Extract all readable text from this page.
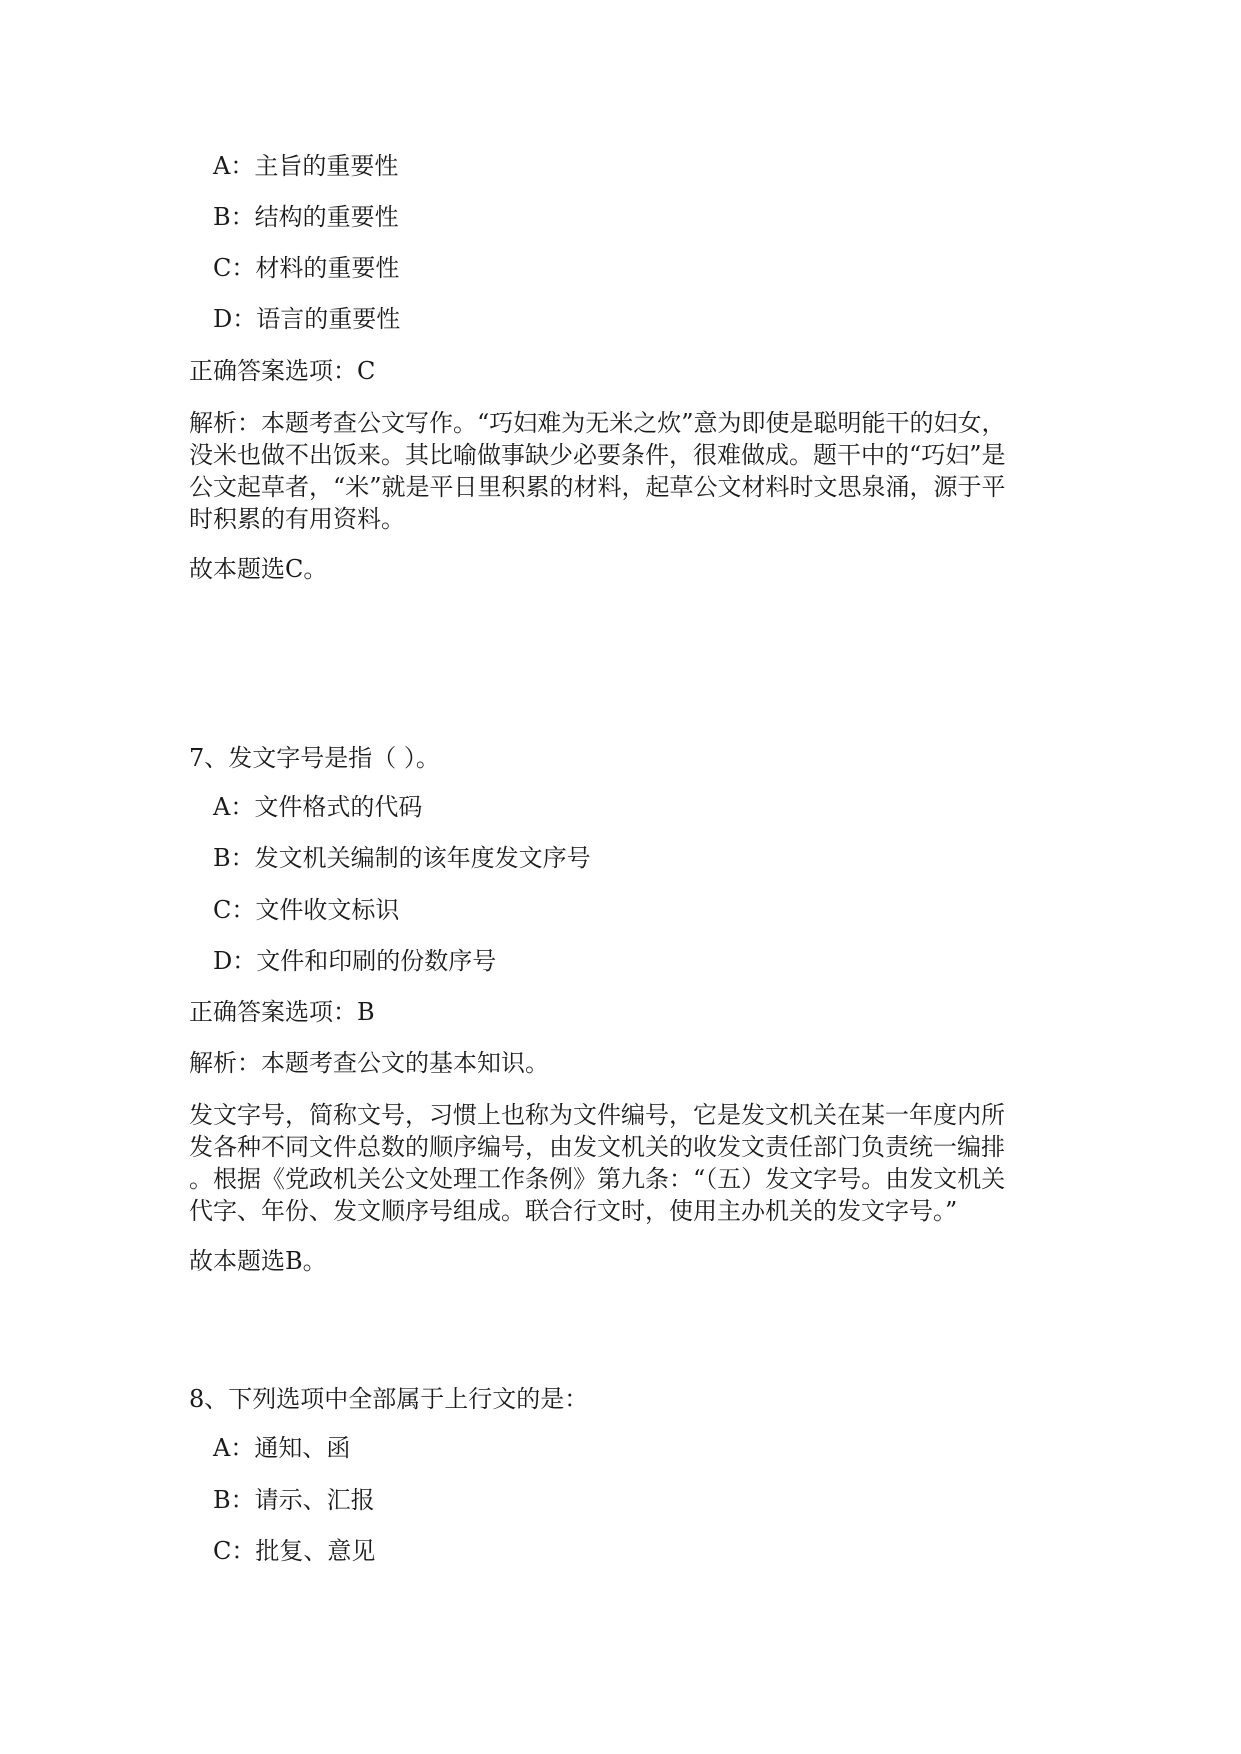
A：主旨的重要性
B：结构的重要性
C：材料的重要性
D：语言的重要性
正确答案选项：C
解析：本题考查公文写作。“巧妇难为无米之炊”意为即使是聪明能干的妇女，
没米也做不出饭来。其比喻做事缺少必要条件，很难做成。题干中的“巧妇”是
公文起草者，“米”就是平日里积累的材料，起草公文材料时文思泉涌，源于平
时积累的有用资料。
故本题选C。
7、发文字号是指（ ）。
A：文件格式的代码
B：发文机关编制的该年度发文序号
C：文件收文标识
D：文件和印刷的份数序号
正确答案选项：B
解析：本题考查公文的基本知识。
发文字号，简称文号，习惯上也称为文件编号，它是发文机关在某一年度内所
发各种不同文件总数的顺序编号，由发文机关的收发文责任部门负责统一编排
。根据《党政机关公文处理工作条例》第九条：“（五）发文字号。由发文机关
代字、年份、发文顺序号组成。联合行文时，使用主办机关的发文字号。”
故本题选B。
8、下列选项中全部属于上行文的是：
A：通知、函
B：请示、汇报
C：批复、意见
